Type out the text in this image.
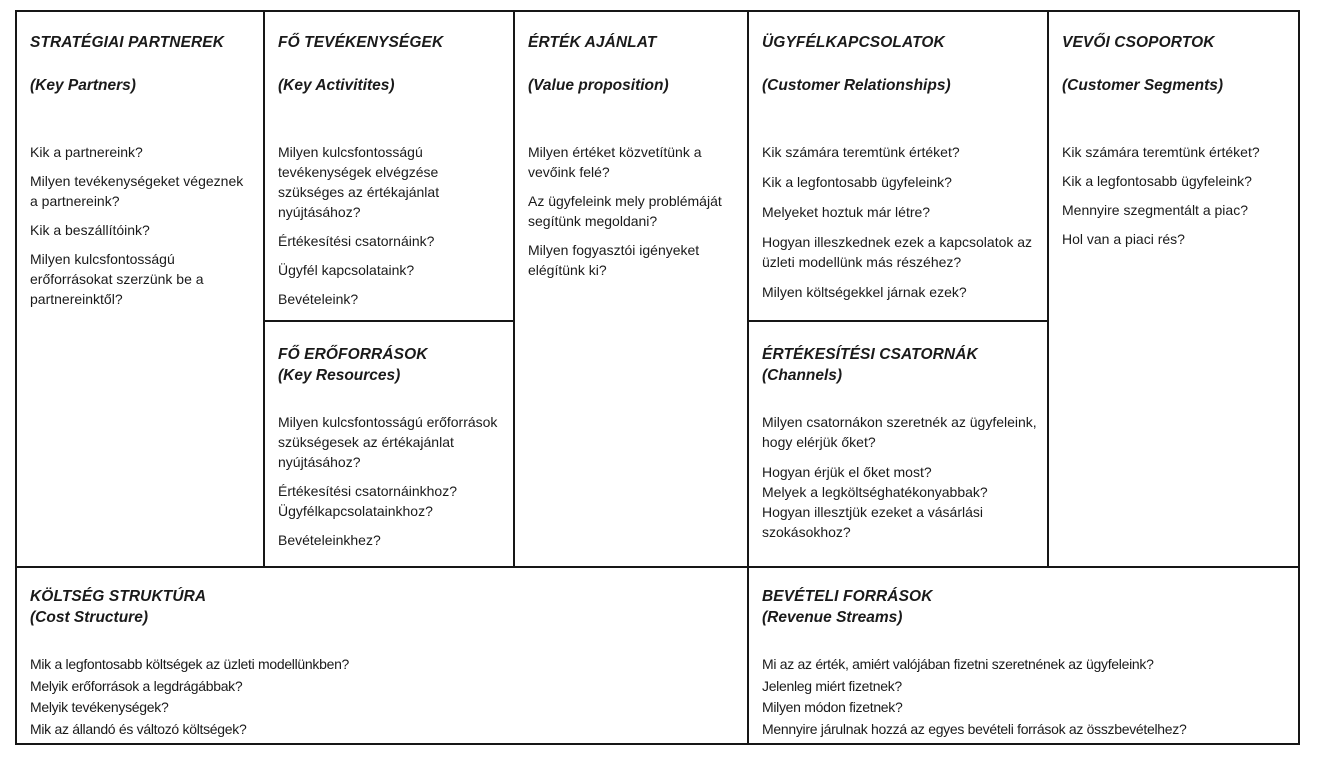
STRATÉGIAI PARTNEREK
(Key Partners)

Kik a partnereink?

Milyen tevékenységeket végeznek a partnereink?

Kik a beszállítóink?

Milyen kulcsfontosságú erőforrásokat szerzünk be a partnereinktől?

FŐ TEVÉKENYSÉGEK
(Key Activitites)

Milyen kulcsfontosságú tevékenységek elvégzése szükséges az értékajánlat nyújtásához?

Értékesítési csatornáink?

Ügyfél kapcsolataink?

Bevételeink?

FŐ ERŐFORRÁSOK
(Key Resources)

Milyen kulcsfontosságú erőforrások szükségesek az értékajánlat nyújtásához?

Értékesítési csatornáinkhoz?
Ügyfélkapcsolatainkhoz?

Bevételeinkhez?

ÉRTÉK AJÁNLAT
(Value proposition)

Milyen értéket közvetítünk a vevőink felé?

Az ügyfeleink mely problémáját segítünk megoldani?

Milyen fogyasztói igényeket elégítünk ki?

ÜGYFÉLKAPCSOLATOK
(Customer Relationships)

Kik számára teremtünk értéket?

Kik a legfontosabb ügyfeleink?

Melyeket hoztuk már létre?

Hogyan illeszkednek ezek a kapcsolatok az üzleti modellünk más részéhez?

Milyen költségekkel járnak ezek?

ÉRTÉKESÍTÉSI CSATORNÁK
(Channels)

Milyen csatornákon szeretnék az ügyfeleink, hogy elérjük őket?

Hogyan érjük el őket most?
Melyek a legköltséghatékonyabbak?
Hogyan illesztjük ezeket a vásárlási szokásokhoz?

VEVŐI CSOPORTOK
(Customer Segments)

Kik számára teremtünk értéket?

Kik a legfontosabb ügyfeleink?

Mennyire szegmentált a piac?

Hol van a piaci rés?

KÖLTSÉG STRUKTÚRA
(Cost Structure)

Mik a legfontosabb költségek az üzleti modellünkben?
Melyik erőforrások a legdrágábbak?
Melyik tevékenységek?
Mik az állandó és változó költségek?

BEVÉTELI FORRÁSOK
(Revenue Streams)

Mi az az érték, amiért valójában fizetni szeretnének az ügyfeleink?
Jelenleg miért fizetnek?
Milyen módon fizetnek?
Mennyire járulnak hozzá az egyes bevételi források az összbevételhez?
